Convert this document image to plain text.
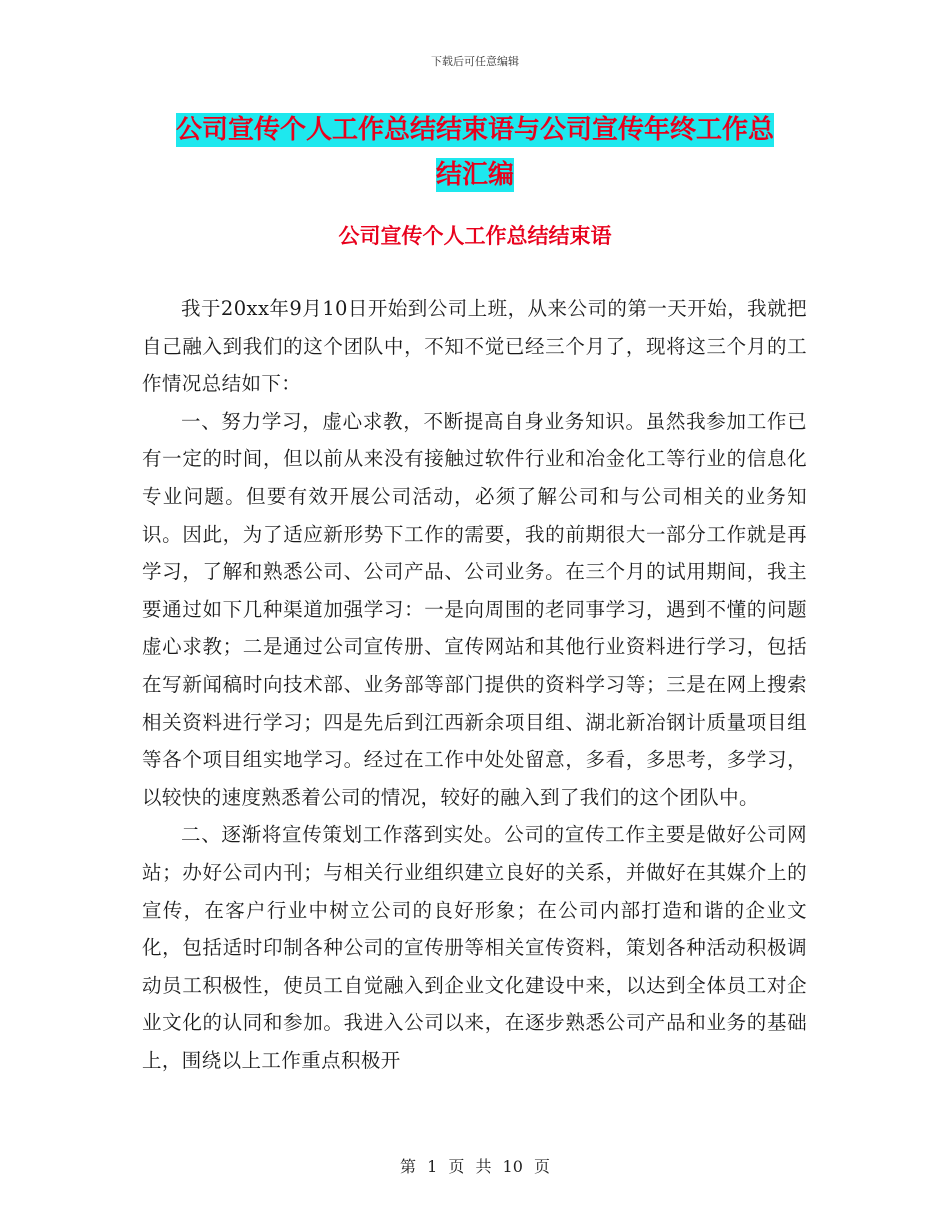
下载后可任意编辑
公司宣传个人工作总结结束语与公司宣传年终工作总
结汇编
公司宣传个人工作总结结束语

我于20xx年9月10日开始到公司上班，从来公司的第一天开始，我就把自己融入到我们的这个团队中，不知不觉已经三个月了，现将这三个月的工作情况总结如下：

一、努力学习，虚心求教，不断提高自身业务知识。虽然我参加工作已有一定的时间，但以前从来没有接触过软件行业和冶金化工等行业的信息化专业问题。但要有效开展公司活动，必须了解公司和与公司相关的业务知识。因此，为了适应新形势下工作的需要，我的前期很大一部分工作就是再学习，了解和熟悉公司、公司产品、公司业务。在三个月的试用期间，我主要通过如下几种渠道加强学习：一是向周围的老同事学习，遇到不懂的问题虚心求教；二是通过公司宣传册、宣传网站和其他行业资料进行学习，包括在写新闻稿时向技术部、业务部等部门提供的资料学习等；三是在网上搜索相关资料进行学习；四是先后到江西新余项目组、湖北新冶钢计质量项目组等各个项目组实地学习。经过在工作中处处留意，多看，多思考，多学习，以较快的速度熟悉着公司的情况，较好的融入到了我们的这个团队中。

二、逐渐将宣传策划工作落到实处。公司的宣传工作主要是做好公司网站；办好公司内刊；与相关行业组织建立良好的关系，并做好在其媒介上的宣传，在客户行业中树立公司的良好形象；在公司内部打造和谐的企业文化，包括适时印制各种公司的宣传册等相关宣传资料，策划各种活动积极调动员工积极性，使员工自觉融入到企业文化建设中来，以达到全体员工对企业文化的认同和参加。我进入公司以来，在逐步熟悉公司产品和业务的基础上，围绕以上工作重点积极开

第 1 页 共 10 页
